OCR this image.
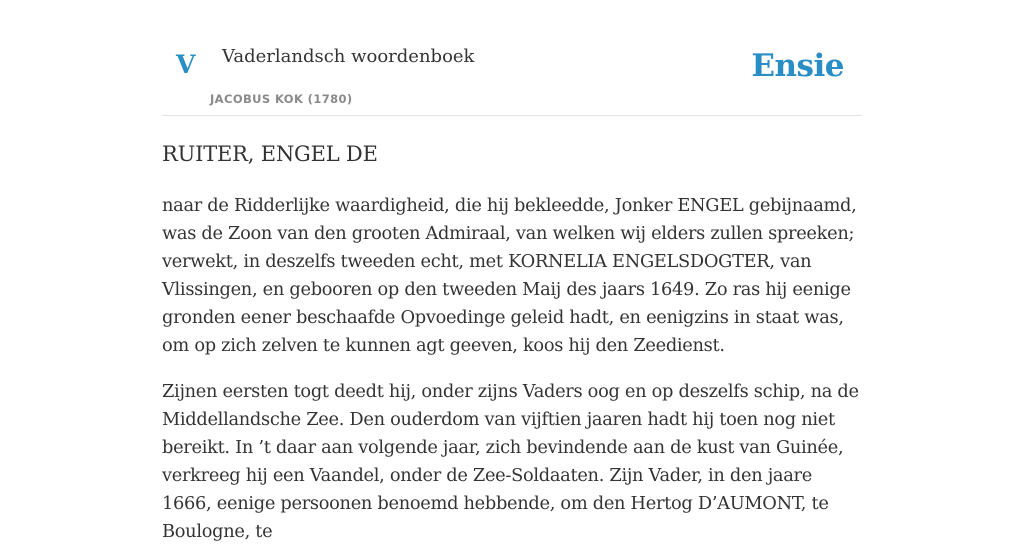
V Vaderlandsch woordenboek
JACOBUS KOK (1780)
Ensie
RUITER, ENGEL DE

naar de Ridderlijke waardigheid, die hij bekleedde, Jonker ENGEL gebijnaamd, was de Zoon van den grooten Admiraal, van welken wij elders zullen spreeken; verwekt, in deszelfs tweeden echt, met KORNELIA ENGELSDOGTER, van Vlissingen, en gebooren op den tweeden Maij des jaars 1649. Zo ras hij eenige gronden eener beschaafde Opvoedinge geleid hadt, en eenigzins in staat was, om op zich zelven te kunnen agt geeven, koos hij den Zeedienst.

Zijnen eersten togt deedt hij, onder zijns Vaders oog en op deszelfs schip, na de Middellandsche Zee. Den ouderdom van vijftien jaaren hadt hij toen nog niet bereikt. In ’t daar aan volgende jaar, zich bevindende aan de kust van Guinée, verkreeg hij een Vaandel, onder de Zee-Soldaaten. Zijn Vader, in den jaare 1666, eenige persoonen benoemd hebbende, om den Hertog D’AUMONT, te Boulogne, te
